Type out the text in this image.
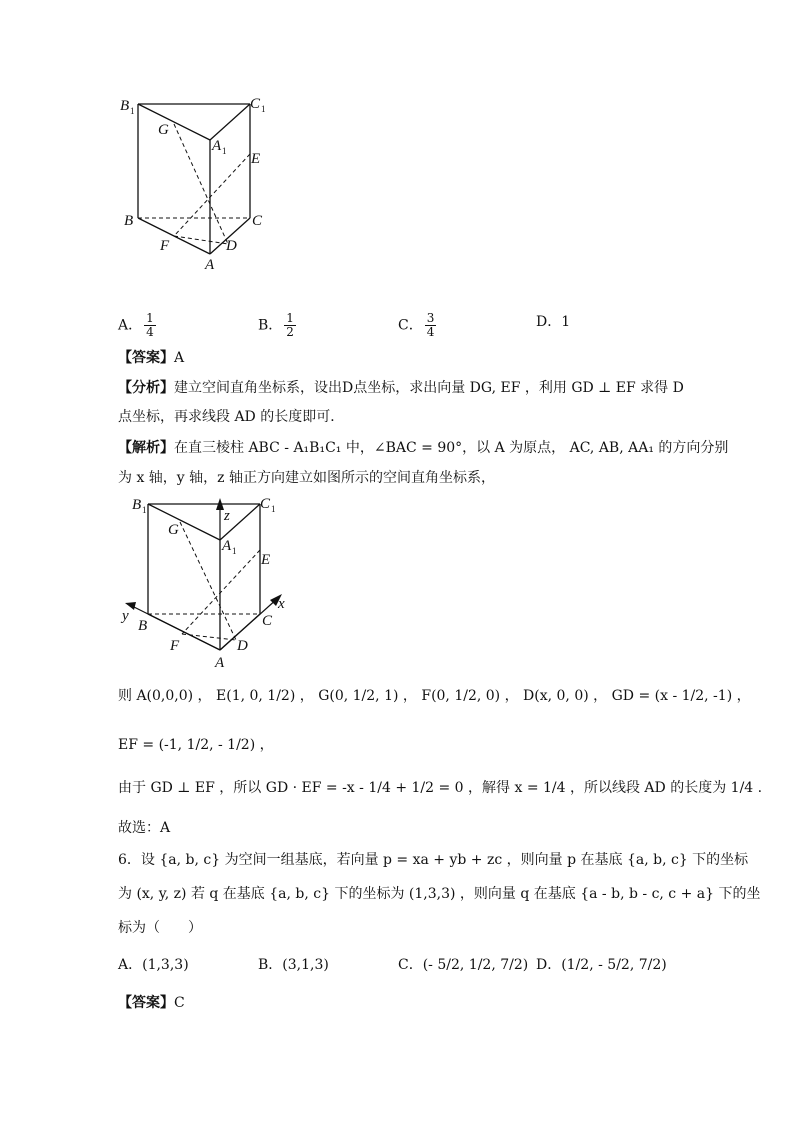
B 1	C 1
G
A 1 E
B	C
F	D
A
A． $\frac{1}{4}$	B． $\frac{1}{2}$	C． $\frac{3}{4}$	D．1
【答案】A
【分析】建立空间直角坐标系，设出D点坐标，求出向量 DG, EF ，利用 GD ⊥ EF 求得 D
点坐标，再求线段 AD 的长度即可．
【解析】在直三棱柱 ABC - A₁B₁C₁ 中，∠BAC = 90°，以 A 为原点， AC, AB, AA₁ 的方向分别
为 x 轴，y 轴，z 轴正方向建立如图所示的空间直角坐标系，
B 1	C 1
z
G
A 1
E
x
y
B	C
F	D
A
则 A(0,0,0) ， E(1, 0, 1/2) ， G(0, 1/2, 1) ， F(0, 1/2, 0) ， D(x, 0, 0) ， GD = (x - 1/2, -1) ，
EF = (-1, 1/2, - 1/2) ，
由于 GD ⊥ EF ，所以 GD · EF = -x - 1/4 + 1/2 = 0 ，解得 x = 1/4 ，所以线段 AD 的长度为 1/4 .
故选：A
6．设 {a, b, c} 为空间一组基底，若向量 p = xa + yb + zc ，则向量 p 在基底 {a, b, c} 下的坐标
为 (x, y, z) 若 q 在基底 {a, b, c} 下的坐标为 (1,3,3) ，则向量 q 在基底 {a - b, b - c, c + a} 下的坐
标为（　　）
A．(1,3,3)	B．(3,1,3)	C．(- 5/2, 1/2, 7/2) D．(1/2, - 5/2, 7/2)
【答案】C
